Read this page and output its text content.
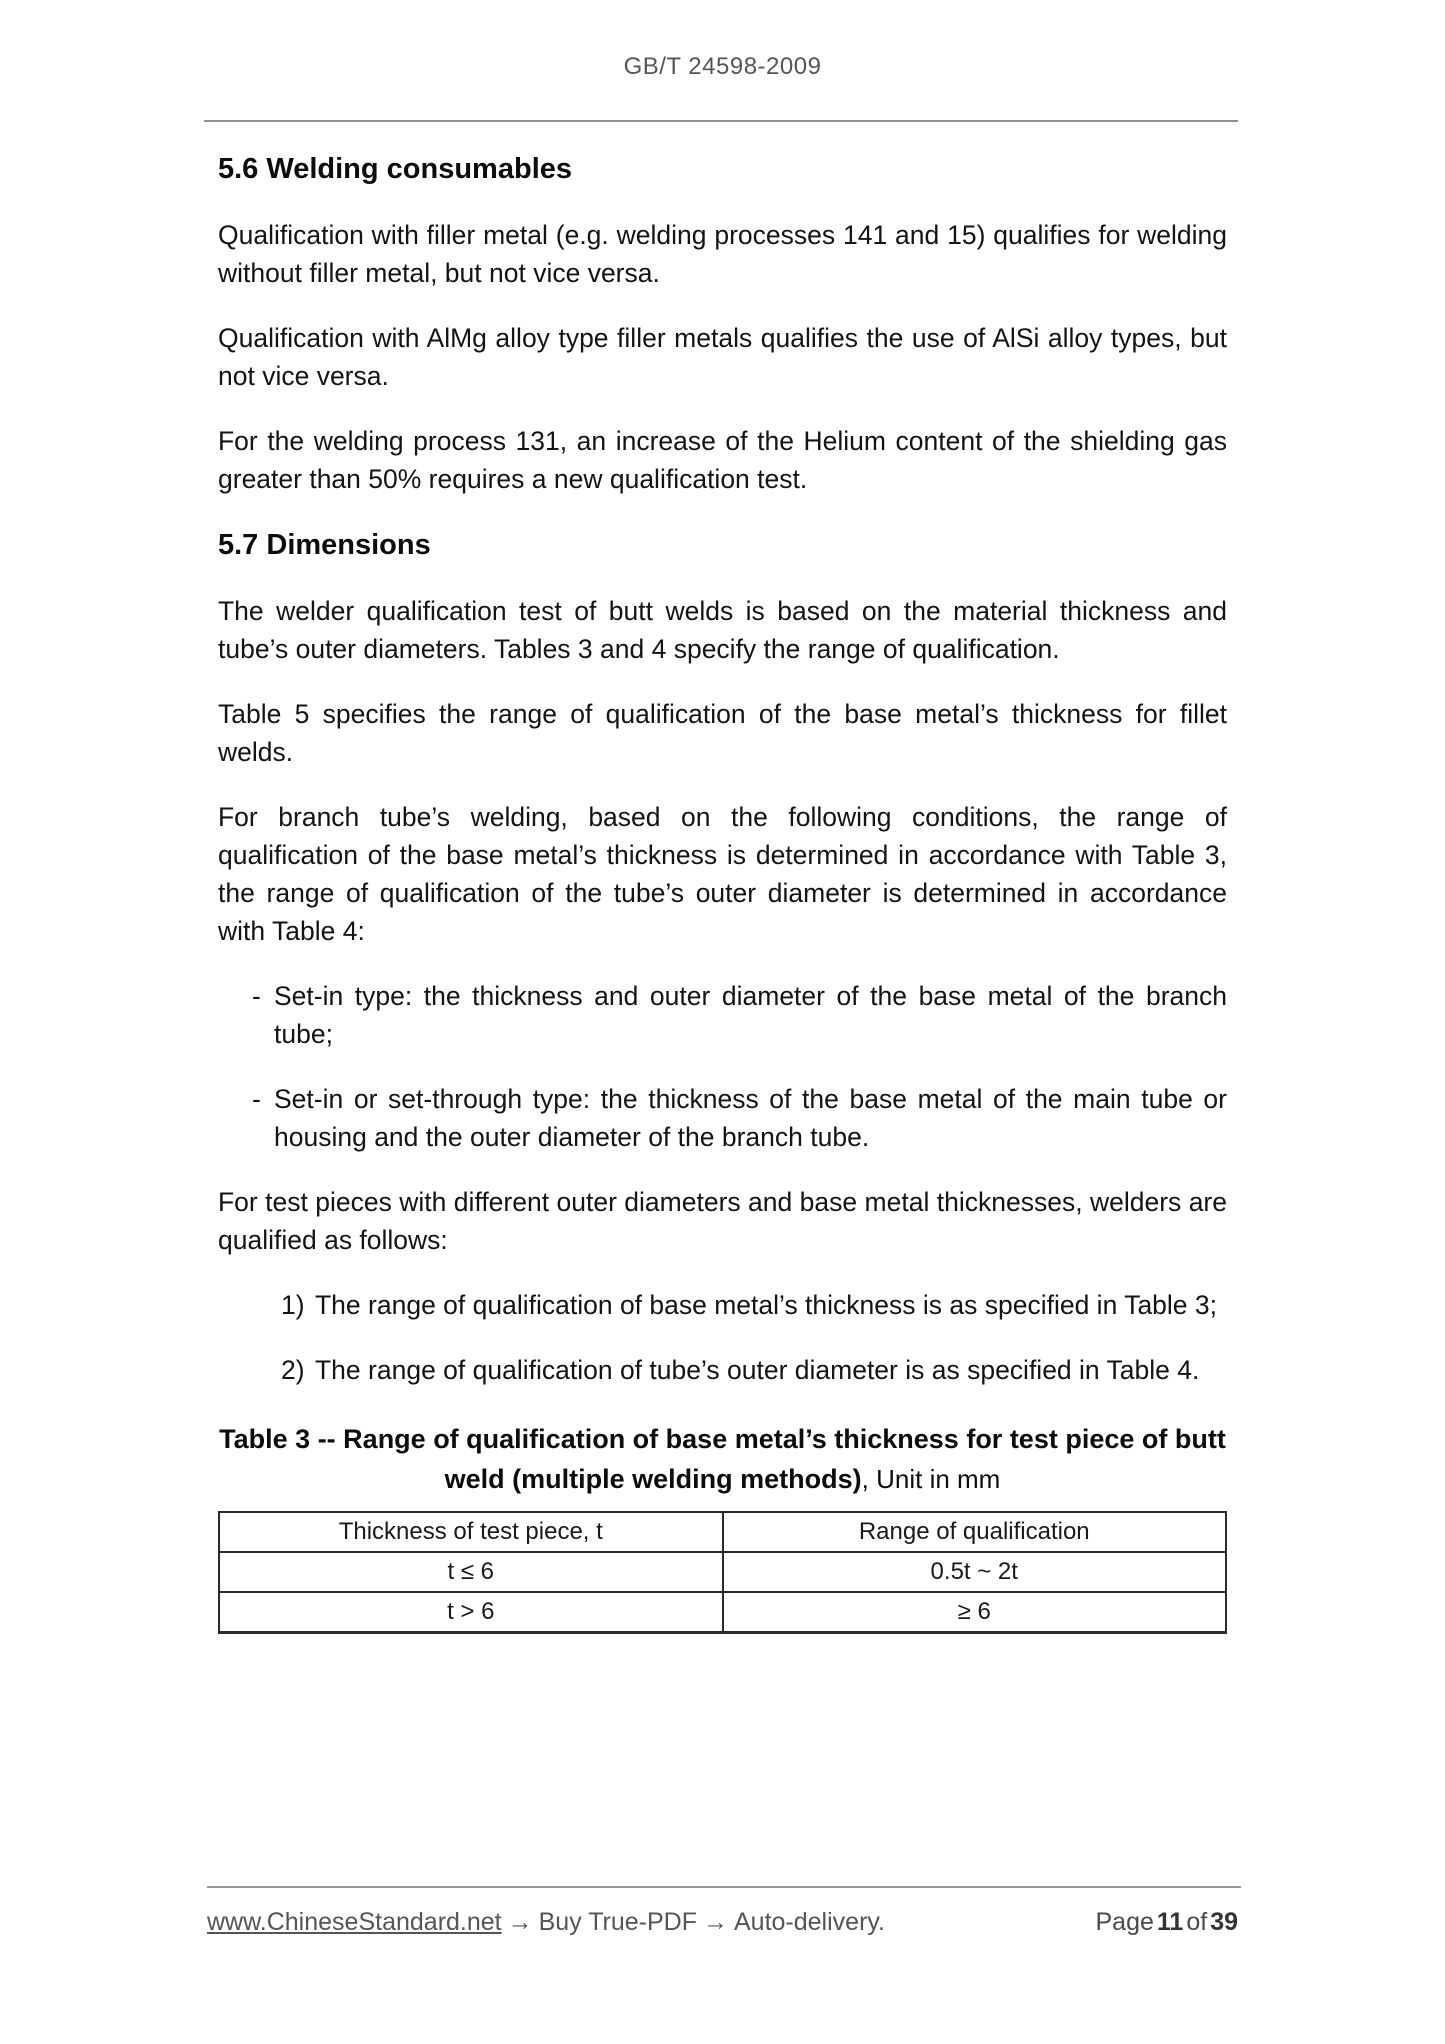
GB/T 24598-2009
5.6 Welding consumables
Qualification with filler metal (e.g. welding processes 141 and 15) qualifies for welding without filler metal, but not vice versa.
Qualification with AlMg alloy type filler metals qualifies the use of AlSi alloy types, but not vice versa.
For the welding process 131, an increase of the Helium content of the shielding gas greater than 50% requires a new qualification test.
5.7 Dimensions
The welder qualification test of butt welds is based on the material thickness and tube’s outer diameters. Tables 3 and 4 specify the range of qualification.
Table 5 specifies the range of qualification of the base metal’s thickness for fillet welds.
For branch tube’s welding, based on the following conditions, the range of qualification of the base metal’s thickness is determined in accordance with Table 3, the range of qualification of the tube’s outer diameter is determined in accordance with Table 4:
- Set-in type: the thickness and outer diameter of the base metal of the branch tube;
- Set-in or set-through type: the thickness of the base metal of the main tube or housing and the outer diameter of the branch tube.
For test pieces with different outer diameters and base metal thicknesses, welders are qualified as follows:
1) The range of qualification of base metal’s thickness is as specified in Table 3;
2) The range of qualification of tube’s outer diameter is as specified in Table 4.
Table 3 -- Range of qualification of base metal’s thickness for test piece of butt weld (multiple welding methods), Unit in mm
Thickness of test piece, t	Range of qualification
t ≤ 6	0.5t ~ 2t
t > 6	≥ 6
www.ChineseStandard.net → Buy True-PDF → Auto-delivery.	Page 11 of 39
